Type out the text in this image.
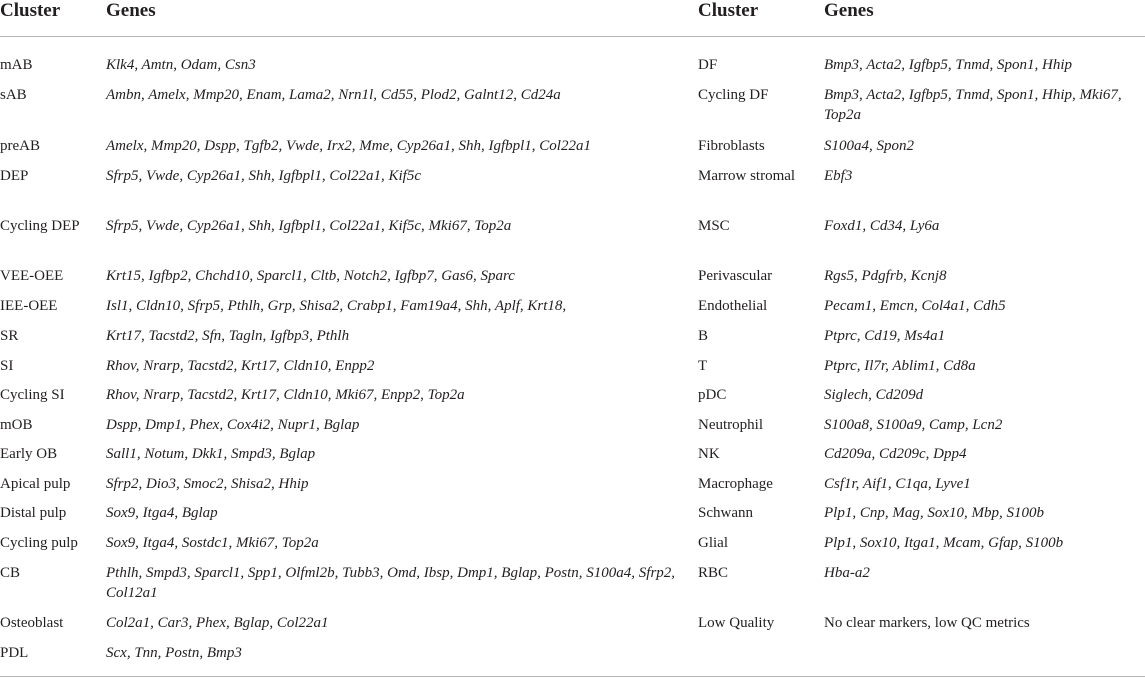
Cluster Genes	Cluster	Genes
mAB	Klk4, Amtn, Odam, Csn3
sAB	Ambn, Amelx, Mmp20, Enam, Lama2, Nrn1l, Cd55, Plod2, Galnt12, Cd24a
preAB	Amelx, Mmp20, Dspp, Tgfb2, Vwde, Irx2, Mme, Cyp26a1, Shh, Igfbpl1, Col22a1
DEP	Sfrp5, Vwde, Cyp26a1, Shh, Igfbpl1, Col22a1, Kif5c
Cycling DEP	Sfrp5, Vwde, Cyp26a1, Shh, Igfbpl1, Col22a1, Kif5c, Mki67, Top2a
VEE-OEE	Krt15, Igfbp2, Chchd10, Sparcl1, Cltb, Notch2, Igfbp7, Gas6, Sparc
IEE-OEE	Isl1, Cldn10, Sfrp5, Pthlh, Grp, Shisa2, Crabp1, Fam19a4, Shh, Aplf, Krt18,
SR	Krt17, Tacstd2, Sfn, Tagln, Igfbp3, Pthlh
SI	Rhov, Nrarp, Tacstd2, Krt17, Cldn10, Enpp2
Cycling SI	Rhov, Nrarp, Tacstd2, Krt17, Cldn10, Mki67, Enpp2, Top2a
mOB	Dspp, Dmp1, Phex, Cox4i2, Nupr1, Bglap
Early OB	Sall1, Notum, Dkk1, Smpd3, Bglap
Apical pulp	Sfrp2, Dio3, Smoc2, Shisa2, Hhip
Distal pulp	Sox9, Itga4, Bglap
Cycling pulp	Sox9, Itga4, Sostdc1, Mki67, Top2a
CB	Pthlh, Smpd3, Sparcl1, Spp1, Olfml2b, Tubb3, Omd, Ibsp, Dmp1, Bglap, Postn, S100a4, Sfrp2, Col12a1
Osteoblast	Col2a1, Car3, Phex, Bglap, Col22a1
PDL	Scx, Tnn, Postn, Bmp3
DF	Bmp3, Acta2, Igfbp5, Tnmd, Spon1, Hhip
Cycling DF	Bmp3, Acta2, Igfbp5, Tnmd, Spon1, Hhip, Mki67, Top2a
Fibroblasts	S100a4, Spon2
Marrow stromal	Ebf3
MSC	Foxd1, Cd34, Ly6a
Perivascular	Rgs5, Pdgfrb, Kcnj8
Endothelial	Pecam1, Emcn, Col4a1, Cdh5
B	Ptprc, Cd19, Ms4a1
T	Ptprc, Il7r, Ablim1, Cd8a
pDC	Siglech, Cd209d
Neutrophil	S100a8, S100a9, Camp, Lcn2
NK	Cd209a, Cd209c, Dpp4
Macrophage	Csf1r, Aif1, C1qa, Lyve1
Schwann	Plp1, Cnp, Mag, Sox10, Mbp, S100b
Glial	Plp1, Sox10, Itga1, Mcam, Gfap, S100b
RBC	Hba-a2
Low Quality	No clear markers, low QC metrics
